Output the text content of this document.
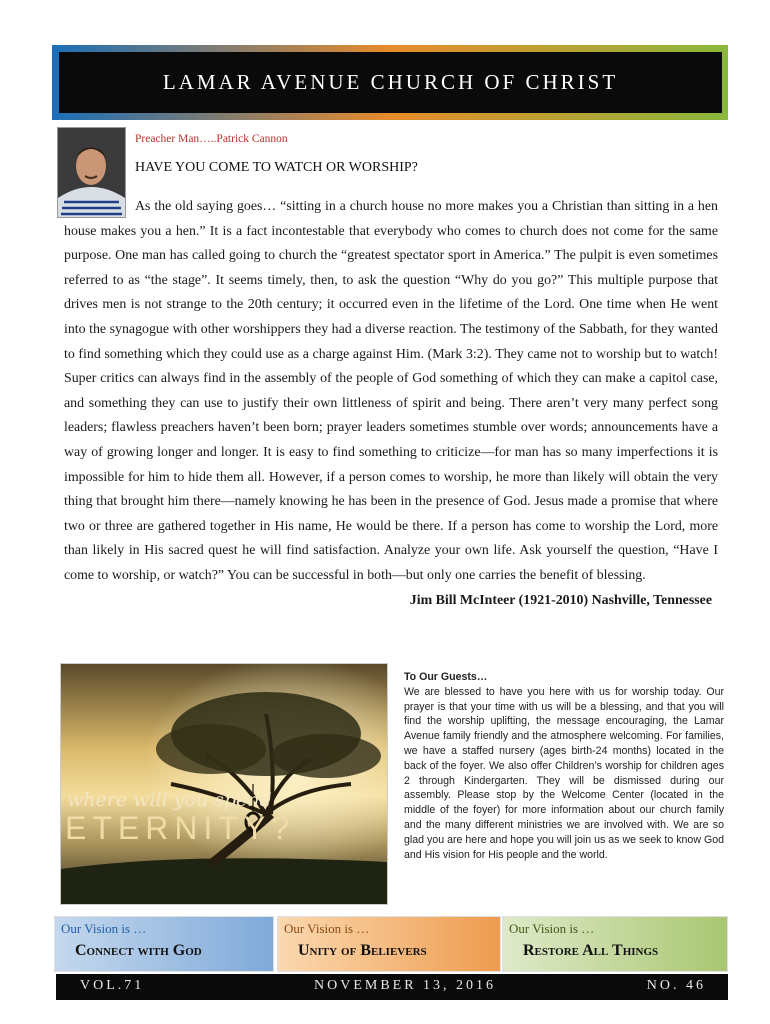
LAMAR AVENUE CHURCH OF CHRIST
Preacher Man…..Patrick Cannon
HAVE YOU COME TO WATCH OR WORSHIP?
As the old saying goes… “sitting in a church house no more makes you a Christian than sitting in a hen house makes you a hen.” It is a fact incontestable that everybody who comes to church does not come for the same purpose. One man has called going to church the “greatest spectator sport in America.” The pulpit is even sometimes referred to as “the stage”. It seems timely, then, to ask the question “Why do you go?” This multiple purpose that drives men is not strange to the 20th century; it occurred even in the lifetime of the Lord. One time when He went into the synagogue with other worshippers they had a diverse reaction. The testimony of the Sabbath, for they wanted to find something which they could use as a charge against Him. (Mark 3:2). They came not to worship but to watch! Super critics can always find in the assembly of the people of God something of which they can make a capitol case, and something they can use to justify their own littleness of spirit and being. There aren’t very many perfect song leaders; flawless preachers haven’t been born; prayer leaders sometimes stumble over words; announcements have a way of growing longer and longer. It is easy to find something to criticize—for man has so many imperfections it is impossible for him to hide them all. However, if a person comes to worship, he more than likely will obtain the very thing that brought him there—namely knowing he has been in the presence of God. Jesus made a promise that where two or three are gathered together in His name, He would be there. If a person has come to worship the Lord, more than likely in His sacred quest he will find satisfaction. Analyze your own life. Ask yourself the question, “Have I come to worship, or watch?” You can be successful in both—but only one carries the benefit of blessing.
Jim Bill McInteer (1921-2010) Nashville, Tennessee
where will you spend
ETERNITY?
To Our Guests…
We are blessed to have you here with us for worship today. Our prayer is that your time with us will be a blessing, and that you will find the worship uplifting, the message encouraging, the Lamar Avenue family friendly and the atmosphere welcoming. For families, we have a staffed nursery (ages birth-24 months) located in the back of the foyer. We also offer Children’s worship for children ages 2 through Kindergarten. They will be dismissed during our assembly. Please stop by the Welcome Center (located in the middle of the foyer) for more information about our church family and the many different ministries we are involved with. We are so glad you are here and hope you will join us as we seek to know God and His vision for His people and the world.
Our Vision is …
Connect with God
Our Vision is …
Unity of Believers
Our Vision is …
Restore All Things
VOL.71	NOVEMBER 13, 2016	NO. 46
